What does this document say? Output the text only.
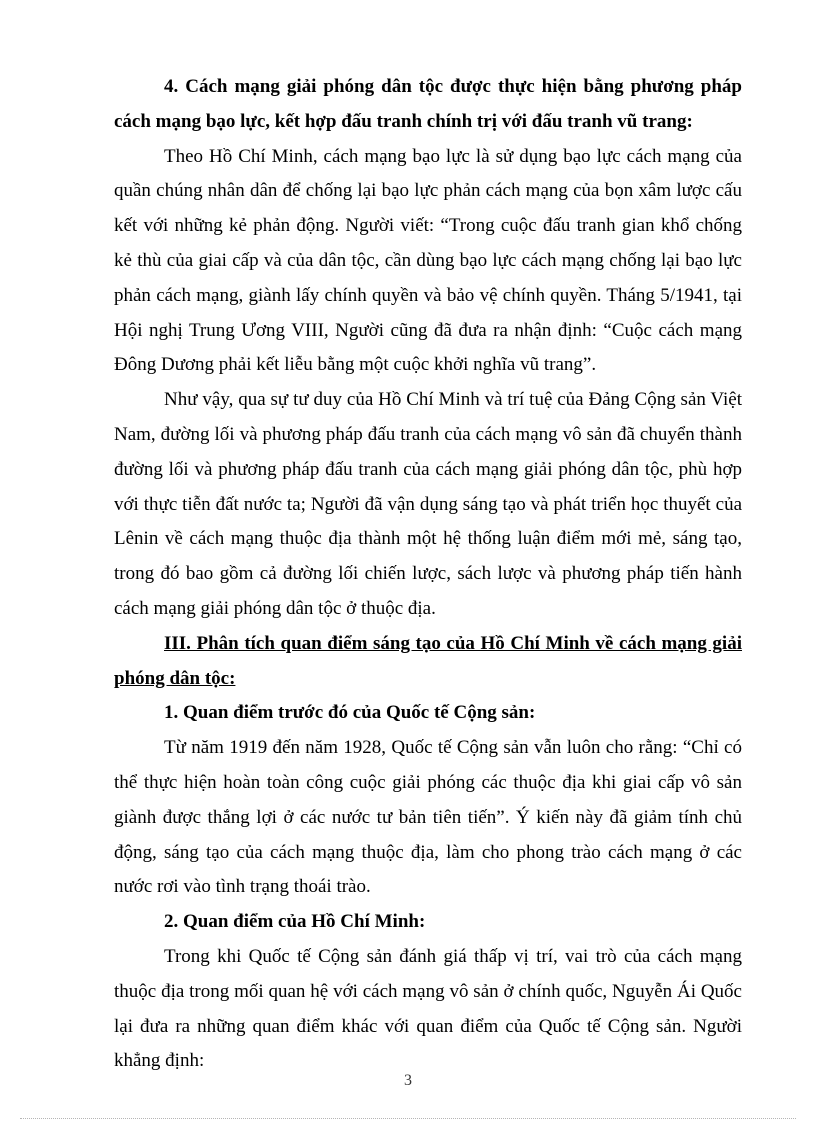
4. Cách mạng giải phóng dân tộc được thực hiện bằng phương pháp cách mạng bạo lực, kết hợp đấu tranh chính trị với đấu tranh vũ trang:

Theo Hồ Chí Minh, cách mạng bạo lực là sử dụng bạo lực cách mạng của quần chúng nhân dân để chống lại bạo lực phản cách mạng của bọn xâm lược cấu kết với những kẻ phản động. Người viết: “Trong cuộc đấu tranh gian khổ chống kẻ thù của giai cấp và của dân tộc, cần dùng bạo lực cách mạng chống lại bạo lực phản cách mạng, giành lấy chính quyền và bảo vệ chính quyền. Tháng 5/1941, tại Hội nghị Trung Ương VIII, Người cũng đã đưa ra nhận định: “Cuộc cách mạng Đông Dương phải kết liễu bằng một cuộc khởi nghĩa vũ trang”.

Như vậy, qua sự tư duy của Hồ Chí Minh và trí tuệ của Đảng Cộng sản Việt Nam, đường lối và phương pháp đấu tranh của cách mạng vô sản đã chuyển thành đường lối và phương pháp đấu tranh của cách mạng giải phóng dân tộc, phù hợp với thực tiễn đất nước ta; Người đã vận dụng sáng tạo và phát triển học thuyết của Lênin về cách mạng thuộc địa thành một hệ thống luận điểm mới mẻ, sáng tạo, trong đó bao gồm cả đường lối chiến lược, sách lược và phương pháp tiến hành cách mạng giải phóng dân tộc ở thuộc địa.

III. Phân tích quan điểm sáng tạo của Hồ Chí Minh về cách mạng giải phóng dân tộc:

1. Quan điểm trước đó của Quốc tế Cộng sản:

Từ năm 1919 đến năm 1928, Quốc tế Cộng sản vẫn luôn cho rằng: “Chỉ có thể thực hiện hoàn toàn công cuộc giải phóng các thuộc địa khi giai cấp vô sản giành được thắng lợi ở các nước tư bản tiên tiến”. Ý kiến này đã giảm tính chủ động, sáng tạo của cách mạng thuộc địa, làm cho phong trào cách mạng ở các nước rơi vào tình trạng thoái trào.

2. Quan điểm của Hồ Chí Minh:

Trong khi Quốc tế Cộng sản đánh giá thấp vị trí, vai trò của cách mạng thuộc địa trong mối quan hệ với cách mạng vô sản ở chính quốc, Nguyễn Ái Quốc lại đưa ra những quan điểm khác với quan điểm của Quốc tế Cộng sản. Người khẳng định:

3
